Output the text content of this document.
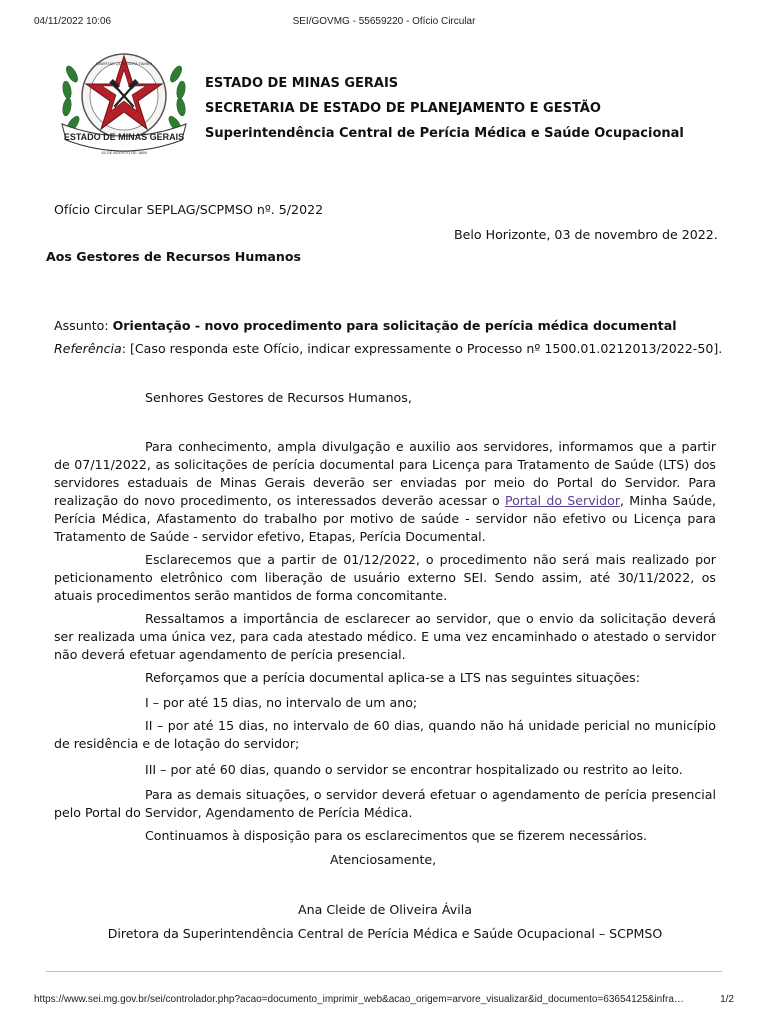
04/11/2022 10:06	SEI/GOVMG - 55659220 - Ofício Circular
ESTADO DE MINAS GERAIS
LIBERTAS QUÆ SERA TAMEN
15 DE AGOSTO DE 1889
ESTADO DE MINAS GERAIS
SECRETARIA DE ESTADO DE PLANEJAMENTO E GESTÃO
Superintendência Central de Perícia Médica e Saúde Ocupacional
Ofício Circular SEPLAG/SCPMSO nº. 5/2022
Belo Horizonte, 03 de novembro de 2022.
Aos Gestores de Recursos Humanos
Assunto: Orientação - novo procedimento para solicitação de perícia médica documental
Referência: [Caso responda este Ofício, indicar expressamente o Processo nº 1500.01.0212013/2022-50].
Senhores Gestores de Recursos Humanos,
Para conhecimento, ampla divulgação e auxilio aos servidores, informamos que a partir de 07/11/2022, as solicitações de perícia documental para Licença para Tratamento de Saúde (LTS) dos servidores estaduais de Minas Gerais deverão ser enviadas por meio do Portal do Servidor. Para realização do novo procedimento, os interessados deverão acessar o Portal do Servidor, Minha Saúde, Perícia Médica, Afastamento do trabalho por motivo de saúde - servidor não efetivo ou Licença para Tratamento de Saúde - servidor efetivo, Etapas, Perícia Documental.
Esclarecemos que a partir de 01/12/2022, o procedimento não será mais realizado por peticionamento eletrônico com liberação de usuário externo SEI. Sendo assim, até 30/11/2022, os atuais procedimentos serão mantidos de forma concomitante.
Ressaltamos a importância de esclarecer ao servidor, que o envio da solicitação deverá ser realizada uma única vez, para cada atestado médico. E uma vez encaminhado o atestado o servidor não deverá efetuar agendamento de perícia presencial.
Reforçamos que a perícia documental aplica-se a LTS nas seguintes situações:
I – por até 15 dias, no intervalo de um ano;
II – por até 15 dias, no intervalo de 60 dias, quando não há unidade pericial no município de residência e de lotação do servidor;
III – por até 60 dias, quando o servidor se encontrar hospitalizado ou restrito ao leito.
Para as demais situações, o servidor deverá efetuar o agendamento de perícia presencial pelo Portal do Servidor, Agendamento de Perícia Médica.
Continuamos à disposição para os esclarecimentos que se fizerem necessários.
Atenciosamente,
Ana Cleide de Oliveira Ávila
Diretora da Superintendência Central de Perícia Médica e Saúde Ocupacional – SCPMSO
https://www.sei.mg.gov.br/sei/controlador.php?acao=documento_imprimir_web&acao_origem=arvore_visualizar&id_documento=63654125&infra…	1/2
